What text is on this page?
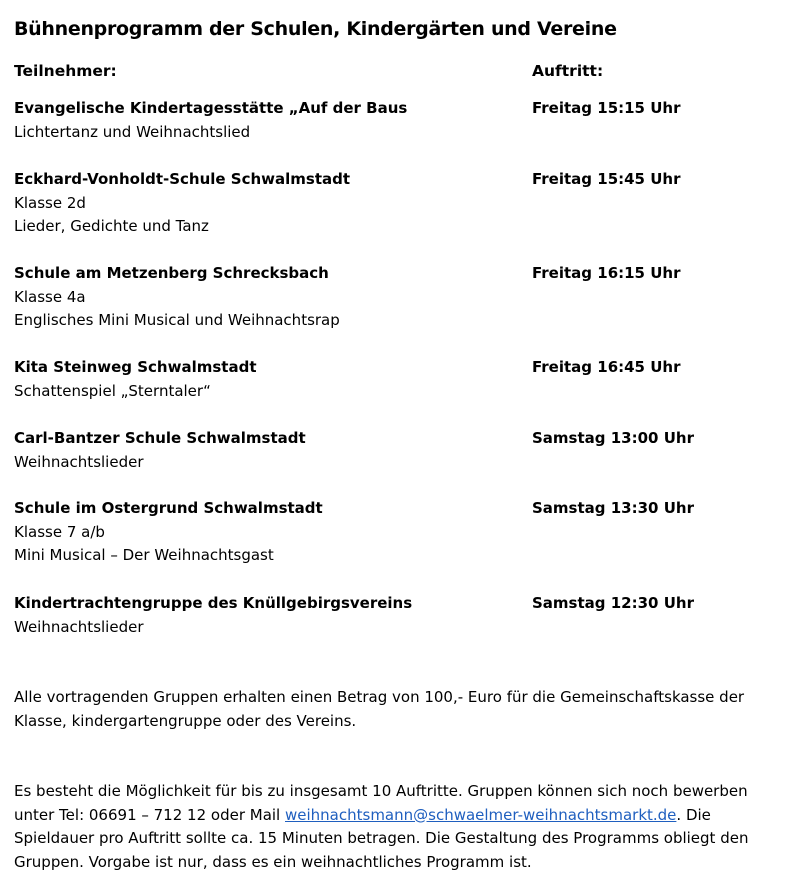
Bühnenprogramm der Schulen, Kindergärten und Vereine
Teilnehmer:	Auftritt:
Evangelische Kindertagesstätte „Auf der Baus	Freitag 15:15 Uhr
Lichtertanz und Weihnachtslied
Eckhard-Vonholdt-Schule Schwalmstadt	Freitag 15:45 Uhr
Klasse 2d
Lieder, Gedichte und Tanz
Schule am Metzenberg Schrecksbach	Freitag 16:15 Uhr
Klasse 4a
Englisches Mini Musical und Weihnachtsrap
Kita Steinweg Schwalmstadt	Freitag 16:45 Uhr
Schattenspiel „Sterntaler“
Carl-Bantzer Schule Schwalmstadt	Samstag 13:00 Uhr
Weihnachtslieder
Schule im Ostergrund Schwalmstadt	Samstag 13:30 Uhr
Klasse 7 a/b
Mini Musical – Der Weihnachtsgast
Kindertrachtengruppe des Knüllgebirgsvereins	Samstag 12:30 Uhr
Weihnachtslieder
Alle vortragenden Gruppen erhalten einen Betrag von 100,- Euro für die Gemeinschaftskasse der
Klasse, kindergartengruppe oder des Vereins.
Es besteht die Möglichkeit für bis zu insgesamt 10 Auftritte. Gruppen können sich noch bewerben
unter Tel: 06691 – 712 12 oder Mail weihnachtsmann@schwaelmer-weihnachtsmarkt.de. Die
Spieldauer pro Auftritt sollte ca. 15 Minuten betragen. Die Gestaltung des Programms obliegt den
Gruppen. Vorgabe ist nur, dass es ein weihnachtliches Programm ist.
